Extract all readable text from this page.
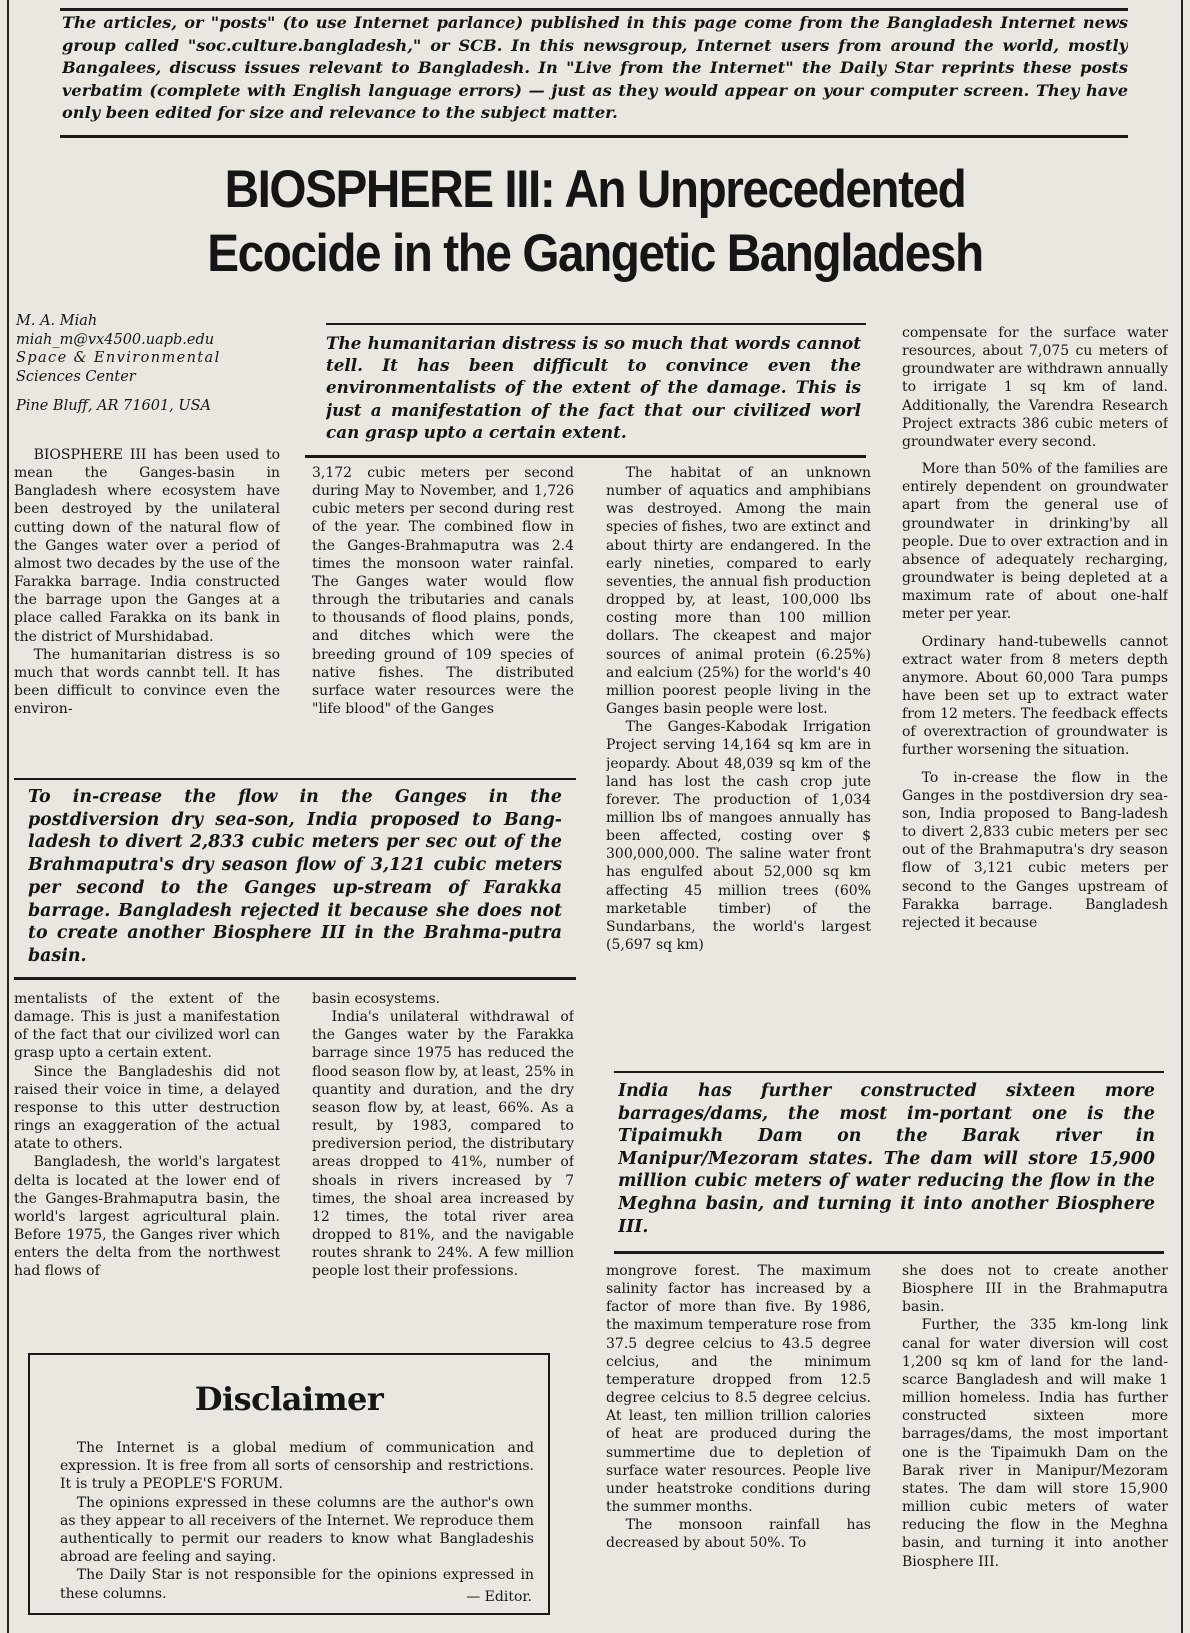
The articles, or "posts" (to use Internet parlance) published in this page come from the Bangladesh Internet news group called "soc.culture.bangladesh," or SCB. In this newsgroup, Internet users from around the world, mostly Bangalees, discuss issues relevant to Bangladesh. In "Live from the Internet" the Daily Star reprints these posts verbatim (complete with English language errors) — just as they would appear on your computer screen. They have only been edited for size and relevance to the subject matter.

BIOSPHERE III: An Unprecedented
Ecocide in the Gangetic Bangladesh

M. A. Miah

miah_m@vx4500.uapb.edu

Space & Environmental

Sciences Center

Pine Bluff, AR 71601, USA

The humanitarian distress is so much that words cannot tell. It has been difficult to convince even the environmentalists of the extent of the damage. This is just a manifestation of the fact that our civilized worl can grasp upto a certain extent.

BIOSPHERE III has been used to mean the Ganges-basin in Bangladesh where ecosystem have been destroyed by the unilateral cutting down of the natural flow of the Ganges water over a period of almost two decades by the use of the Farakka barrage. India constructed the barrage upon the Ganges at a place called Farakka on its bank in the district of Murshidabad.

The humanitarian distress is so much that words cannbt tell. It has been difficult to convince even the environ-

3,172 cubic meters per second during May to November, and 1,726 cubic meters per second during rest of the year. The combined flow in the Ganges-Brahmaputra was 2.4 times the monsoon water rainfal. The Ganges water would flow through the tributaries and canals to thousands of flood plains, ponds, and ditches which were the breeding ground of 109 species of native fishes. The distributed surface water resources were the "life blood" of the Ganges

To in-crease the flow in the Ganges in the postdiversion dry sea-son, India proposed to Bang-ladesh to divert 2,833 cubic meters per sec out of the Brahmaputra's dry season flow of 3,121 cubic meters per second to the Ganges up-stream of Farakka barrage. Bangladesh rejected it because she does not to create another Biosphere III in the Brahma-putra basin.

The habitat of an unknown number of aquatics and amphibians was destroyed. Among the main species of fishes, two are extinct and about thirty are endangered. In the early nineties, compared to early seventies, the annual fish production dropped by, at least, 100,000 lbs costing more than 100 million dollars. The ckeapest and major sources of animal protein (6.25%) and ealcium (25%) for the world's 40 million poorest people living in the Ganges basin people were lost.

The Ganges-Kabodak Irrigation Project serving 14,164 sq km are in jeopardy. About 48,039 sq km of the land has lost the cash crop jute forever. The production of 1,034 million lbs of mangoes annually has been affected, costing over $ 300,000,000. The saline water front has engulfed about 52,000 sq km affecting 45 million trees (60% marketable timber) of the Sundarbans, the world's largest (5,697 sq km)

compensate for the surface water resources, about 7,075 cu meters of groundwater are withdrawn annually to irrigate 1 sq km of land. Additionally, the Varendra Research Project extracts 386 cubic meters of groundwater every second.

More than 50% of the families are entirely dependent on groundwater apart from the general use of groundwater in drinking'by all people. Due to over extraction and in absence of adequately recharging, groundwater is being depleted at a maximum rate of about one-half meter per year.

Ordinary hand-tubewells cannot extract water from 8 meters depth anymore. About 60,000 Tara pumps have been set up to extract water from 12 meters. The feedback effects of overextraction of groundwater is further worsening the situation.

To in-crease the flow in the Ganges in the postdiversion dry sea-son, India proposed to Bang-ladesh to divert 2,833 cubic meters per sec out of the Brahmaputra's dry season flow of 3,121 cubic meters per second to the Ganges upstream of Farakka barrage. Bangladesh rejected it because

mentalists of the extent of the damage. This is just a manifestation of the fact that our civilized worl can grasp upto a certain extent.

Since the Bangladeshis did not raised their voice in time, a delayed response to this utter destruction rings an exaggeration of the actual atate to others.

Bangladesh, the world's largatest delta is located at the lower end of the Ganges-Brahmaputra basin, the world's largest agricultural plain. Before 1975, the Ganges river which enters the delta from the northwest had flows of

basin ecosystems.

India's unilateral withdrawal of the Ganges water by the Farakka barrage since 1975 has reduced the flood season flow by, at least, 25% in quantity and duration, and the dry season flow by, at least, 66%. As a result, by 1983, compared to prediversion period, the distributary areas dropped to 41%, number of shoals in rivers increased by 7 times, the shoal area increased by 12 times, the total river area dropped to 81%, and the navigable routes shrank to 24%. A few million people lost their professions.

India has further constructed sixteen more barrages/dams, the most im-portant one is the Tipaimukh Dam on the Barak river in Manipur/Mezoram states. The dam will store 15,900 million cubic meters of water reducing the flow in the Meghna basin, and turning it into another Biosphere III.

mongrove forest. The maximum salinity factor has increased by a factor of more than five. By 1986, the maximum temperature rose from 37.5 degree celcius to 43.5 degree celcius, and the minimum temperature dropped from 12.5 degree celcius to 8.5 degree celcius. At least, ten million trillion calories of heat are produced during the summertime due to depletion of surface water resources. People live under heatstroke conditions during the summer months.

The monsoon rainfall has decreased by about 50%. To

she does not to create another Biosphere III in the Brahmaputra basin.

Further, the 335 km-long link canal for water diversion will cost 1,200 sq km of land for the land-scarce Bangladesh and will make 1 million homeless. India has further constructed sixteen more barrages/dams, the most important one is the Tipaimukh Dam on the Barak river in Manipur/Mezoram states. The dam will store 15,900 million cubic meters of water reducing the flow in the Meghna basin, and turning it into another Biosphere III.

Disclaimer

The Internet is a global medium of communication and expression. It is free from all sorts of censorship and restrictions. It is truly a PEOPLE'S FORUM.

The opinions expressed in these columns are the author's own as they appear to all receivers of the Internet. We reproduce them authentically to permit our readers to know what Bangladeshis abroad are feeling and saying.

The Daily Star is not responsible for the opinions expressed in these columns.	— Editor.
